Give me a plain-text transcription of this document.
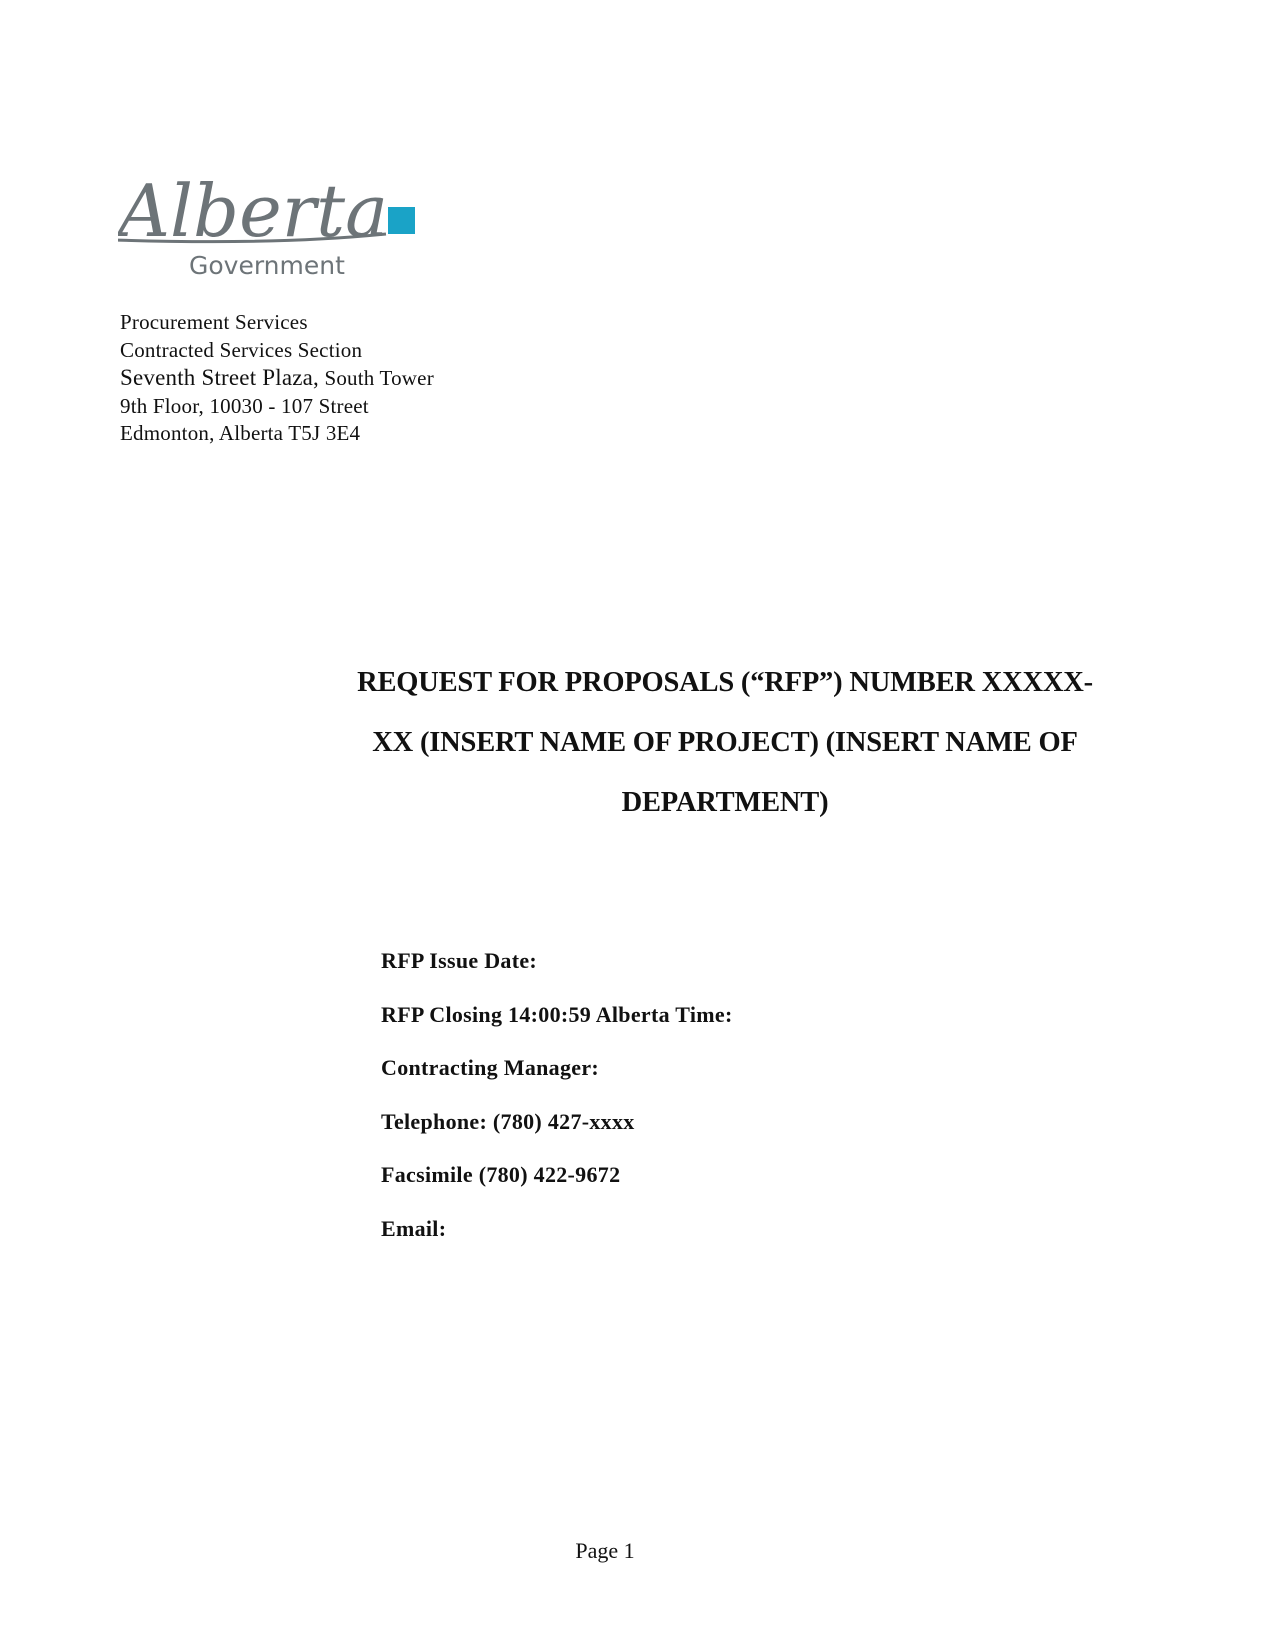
Alberta
Government
Procurement Services
Contracted Services Section
Seventh Street Plaza, South Tower
9th Floor, 10030 - 107 Street
Edmonton, Alberta T5J 3E4
REQUEST FOR PROPOSALS (“RFP”) NUMBER XXXXX-
XX (INSERT NAME OF PROJECT) (INSERT NAME OF
DEPARTMENT)
RFP Issue Date:
RFP Closing 14:00:59 Alberta Time:
Contracting Manager:
Telephone: (780) 427-xxxx
Facsimile (780) 422-9672
Email:
Page 1
